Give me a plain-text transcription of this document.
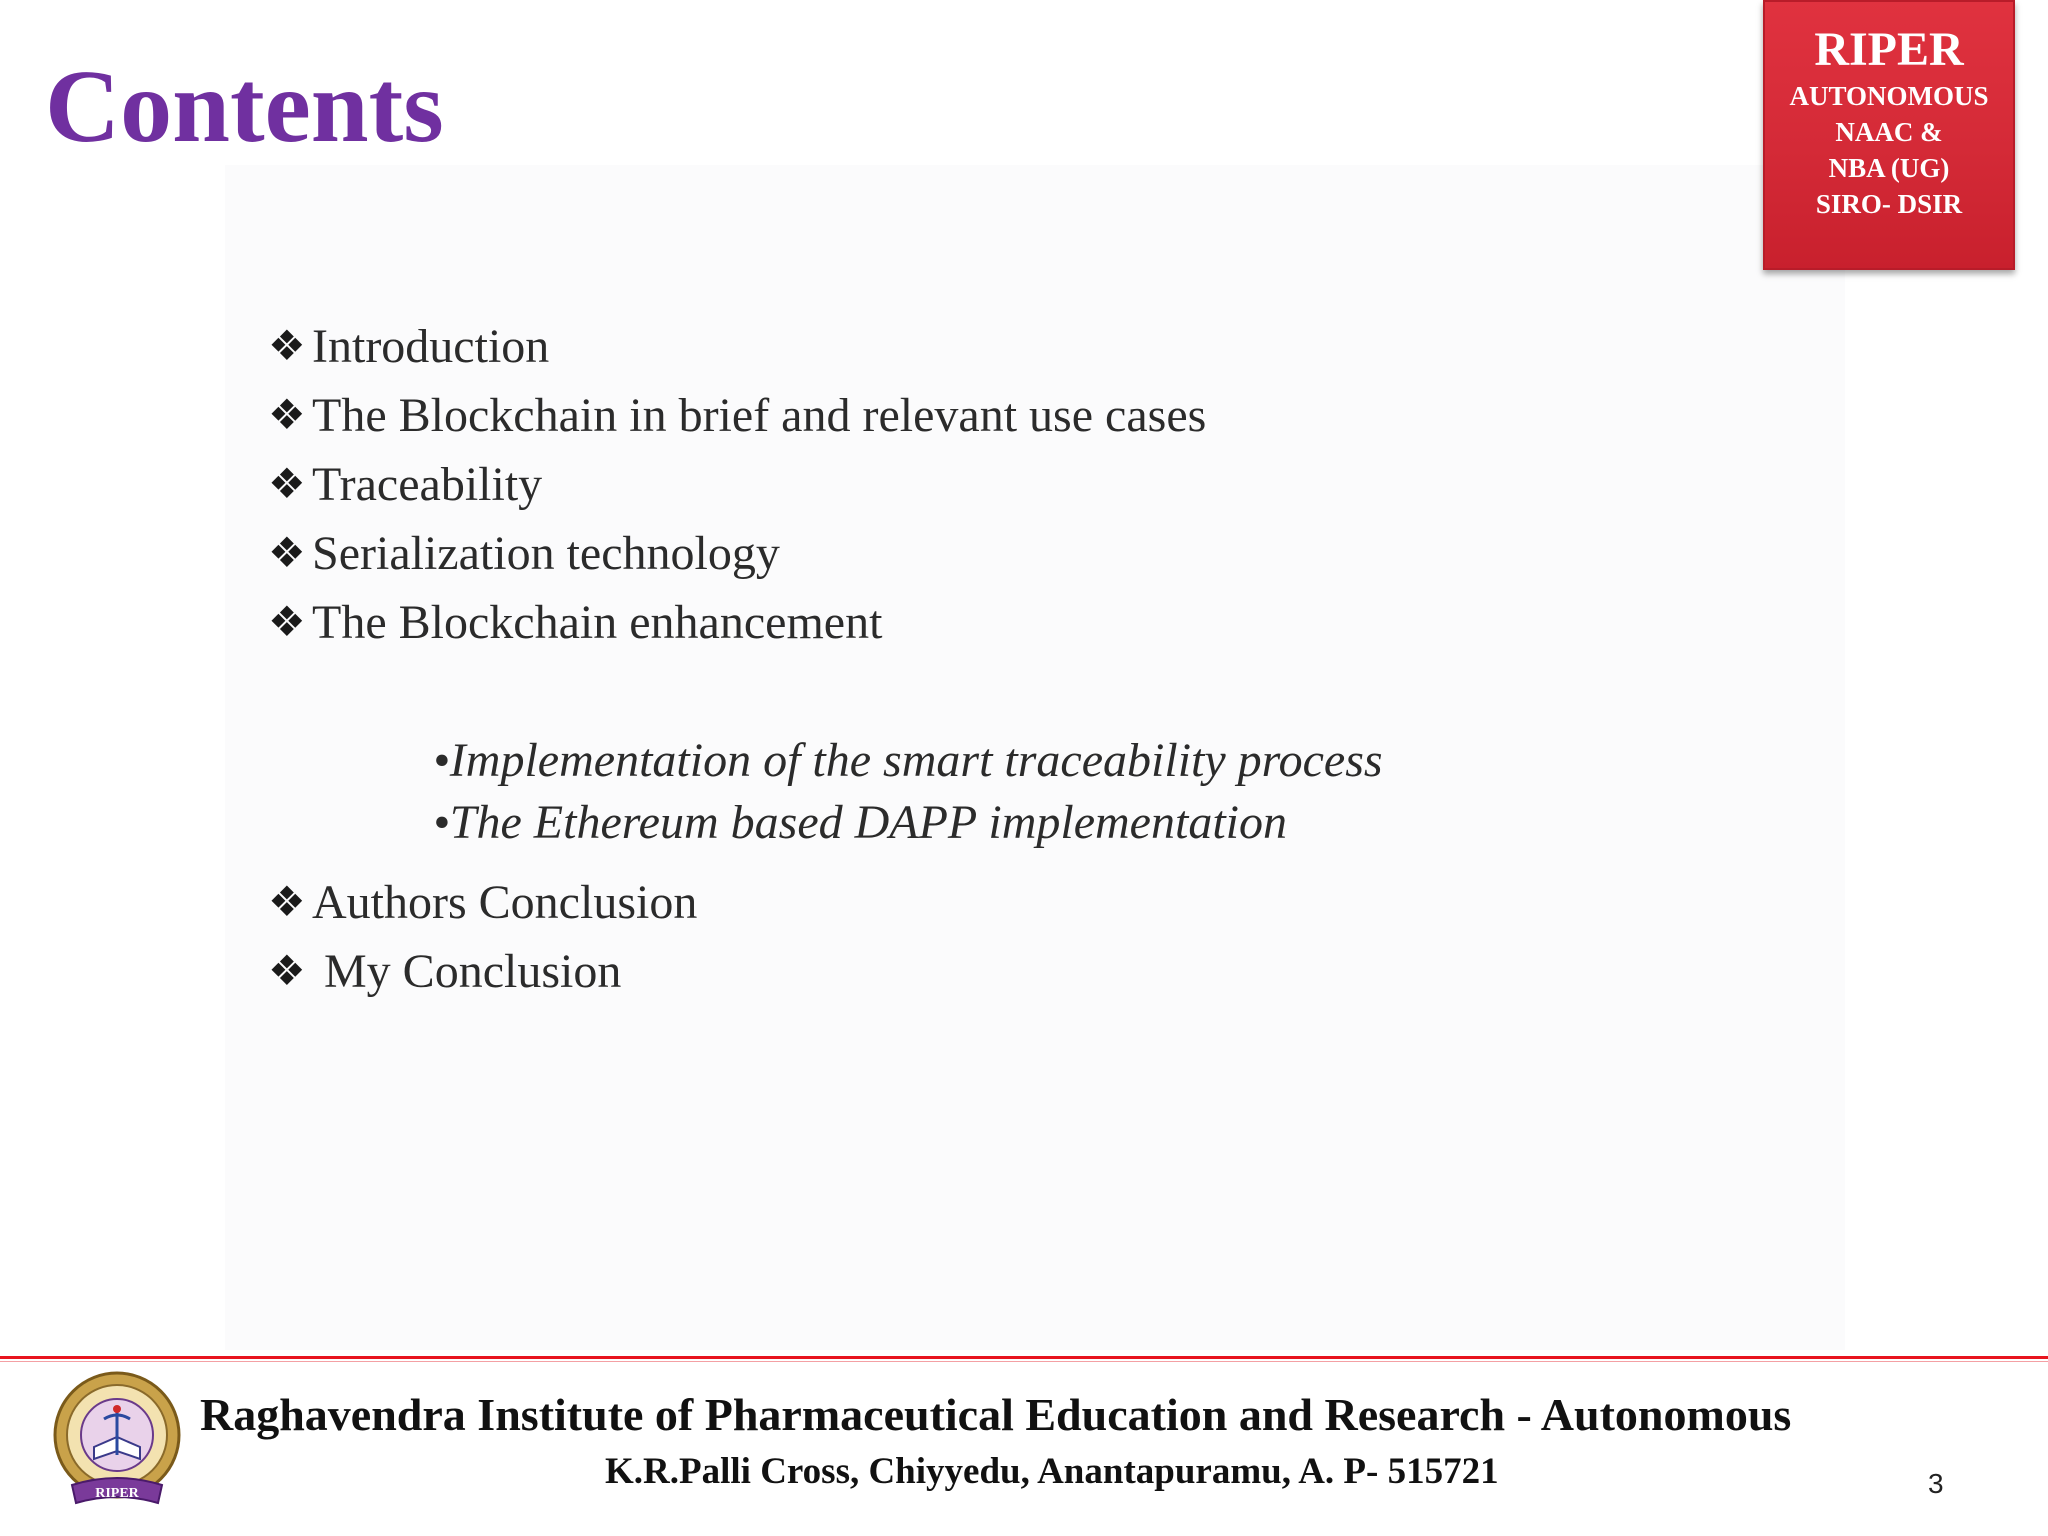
Contents	RIPER
AUTONOMOUS
NAAC &
NBA (UG)
SIRO- DSIR
❖ Introduction
❖ The Blockchain in brief and relevant use cases
❖ Traceability
❖ Serialization technology
❖ The Blockchain enhancement
•Implementation of the smart traceability process
•The Ethereum based DAPP implementation
❖ Authors Conclusion
❖ My Conclusion
RIPER
Raghavendra Institute of Pharmaceutical Education and Research - Autonomous
K.R.Palli Cross, Chiyyedu, Anantapuramu, A. P- 515721	3
